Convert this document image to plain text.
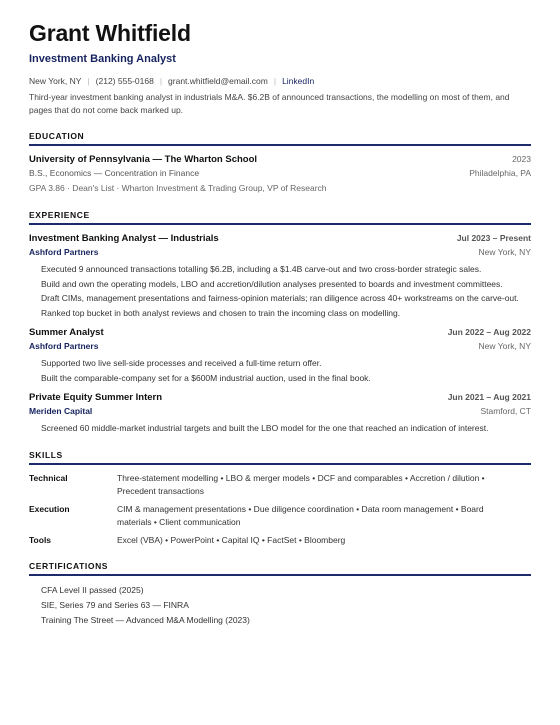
Grant Whitfield
Investment Banking Analyst
New York, NY | (212) 555-0168 | grant.whitfield@email.com | LinkedIn
Third-year investment banking analyst in industrials M&A. $6.2B of announced transactions, the modelling on most of them, and pages that do not come back marked up.
EDUCATION
University of Pennsylvania — The Wharton School	2023
B.S., Economics — Concentration in Finance	Philadelphia, PA
GPA 3.86 · Dean's List · Wharton Investment & Trading Group, VP of Research
EXPERIENCE
Investment Banking Analyst — Industrials	Jul 2023 – Present
Ashford Partners	New York, NY
Executed 9 announced transactions totalling $6.2B, including a $1.4B carve-out and two cross-border strategic sales.
Build and own the operating models, LBO and accretion/dilution analyses presented to boards and investment committees.
Draft CIMs, management presentations and fairness-opinion materials; ran diligence across 40+ workstreams on the carve-out.
Ranked top bucket in both analyst reviews and chosen to train the incoming class on modelling.
Summer Analyst	Jun 2022 – Aug 2022
Ashford Partners	New York, NY
Supported two live sell-side processes and received a full-time return offer.
Built the comparable-company set for a $600M industrial auction, used in the final book.
Private Equity Summer Intern	Jun 2021 – Aug 2021
Meriden Capital	Stamford, CT
Screened 60 middle-market industrial targets and built the LBO model for the one that reached an indication of interest.
SKILLS
Technical	Three-statement modelling • LBO & merger models • DCF and comparables • Accretion / dilution • Precedent transactions
Execution	CIM & management presentations • Due diligence coordination • Data room management • Board materials • Client communication
Tools	Excel (VBA) • PowerPoint • Capital IQ • FactSet • Bloomberg
CERTIFICATIONS
CFA Level II passed (2025)
SIE, Series 79 and Series 63 — FINRA
Training The Street — Advanced M&A Modelling (2023)
